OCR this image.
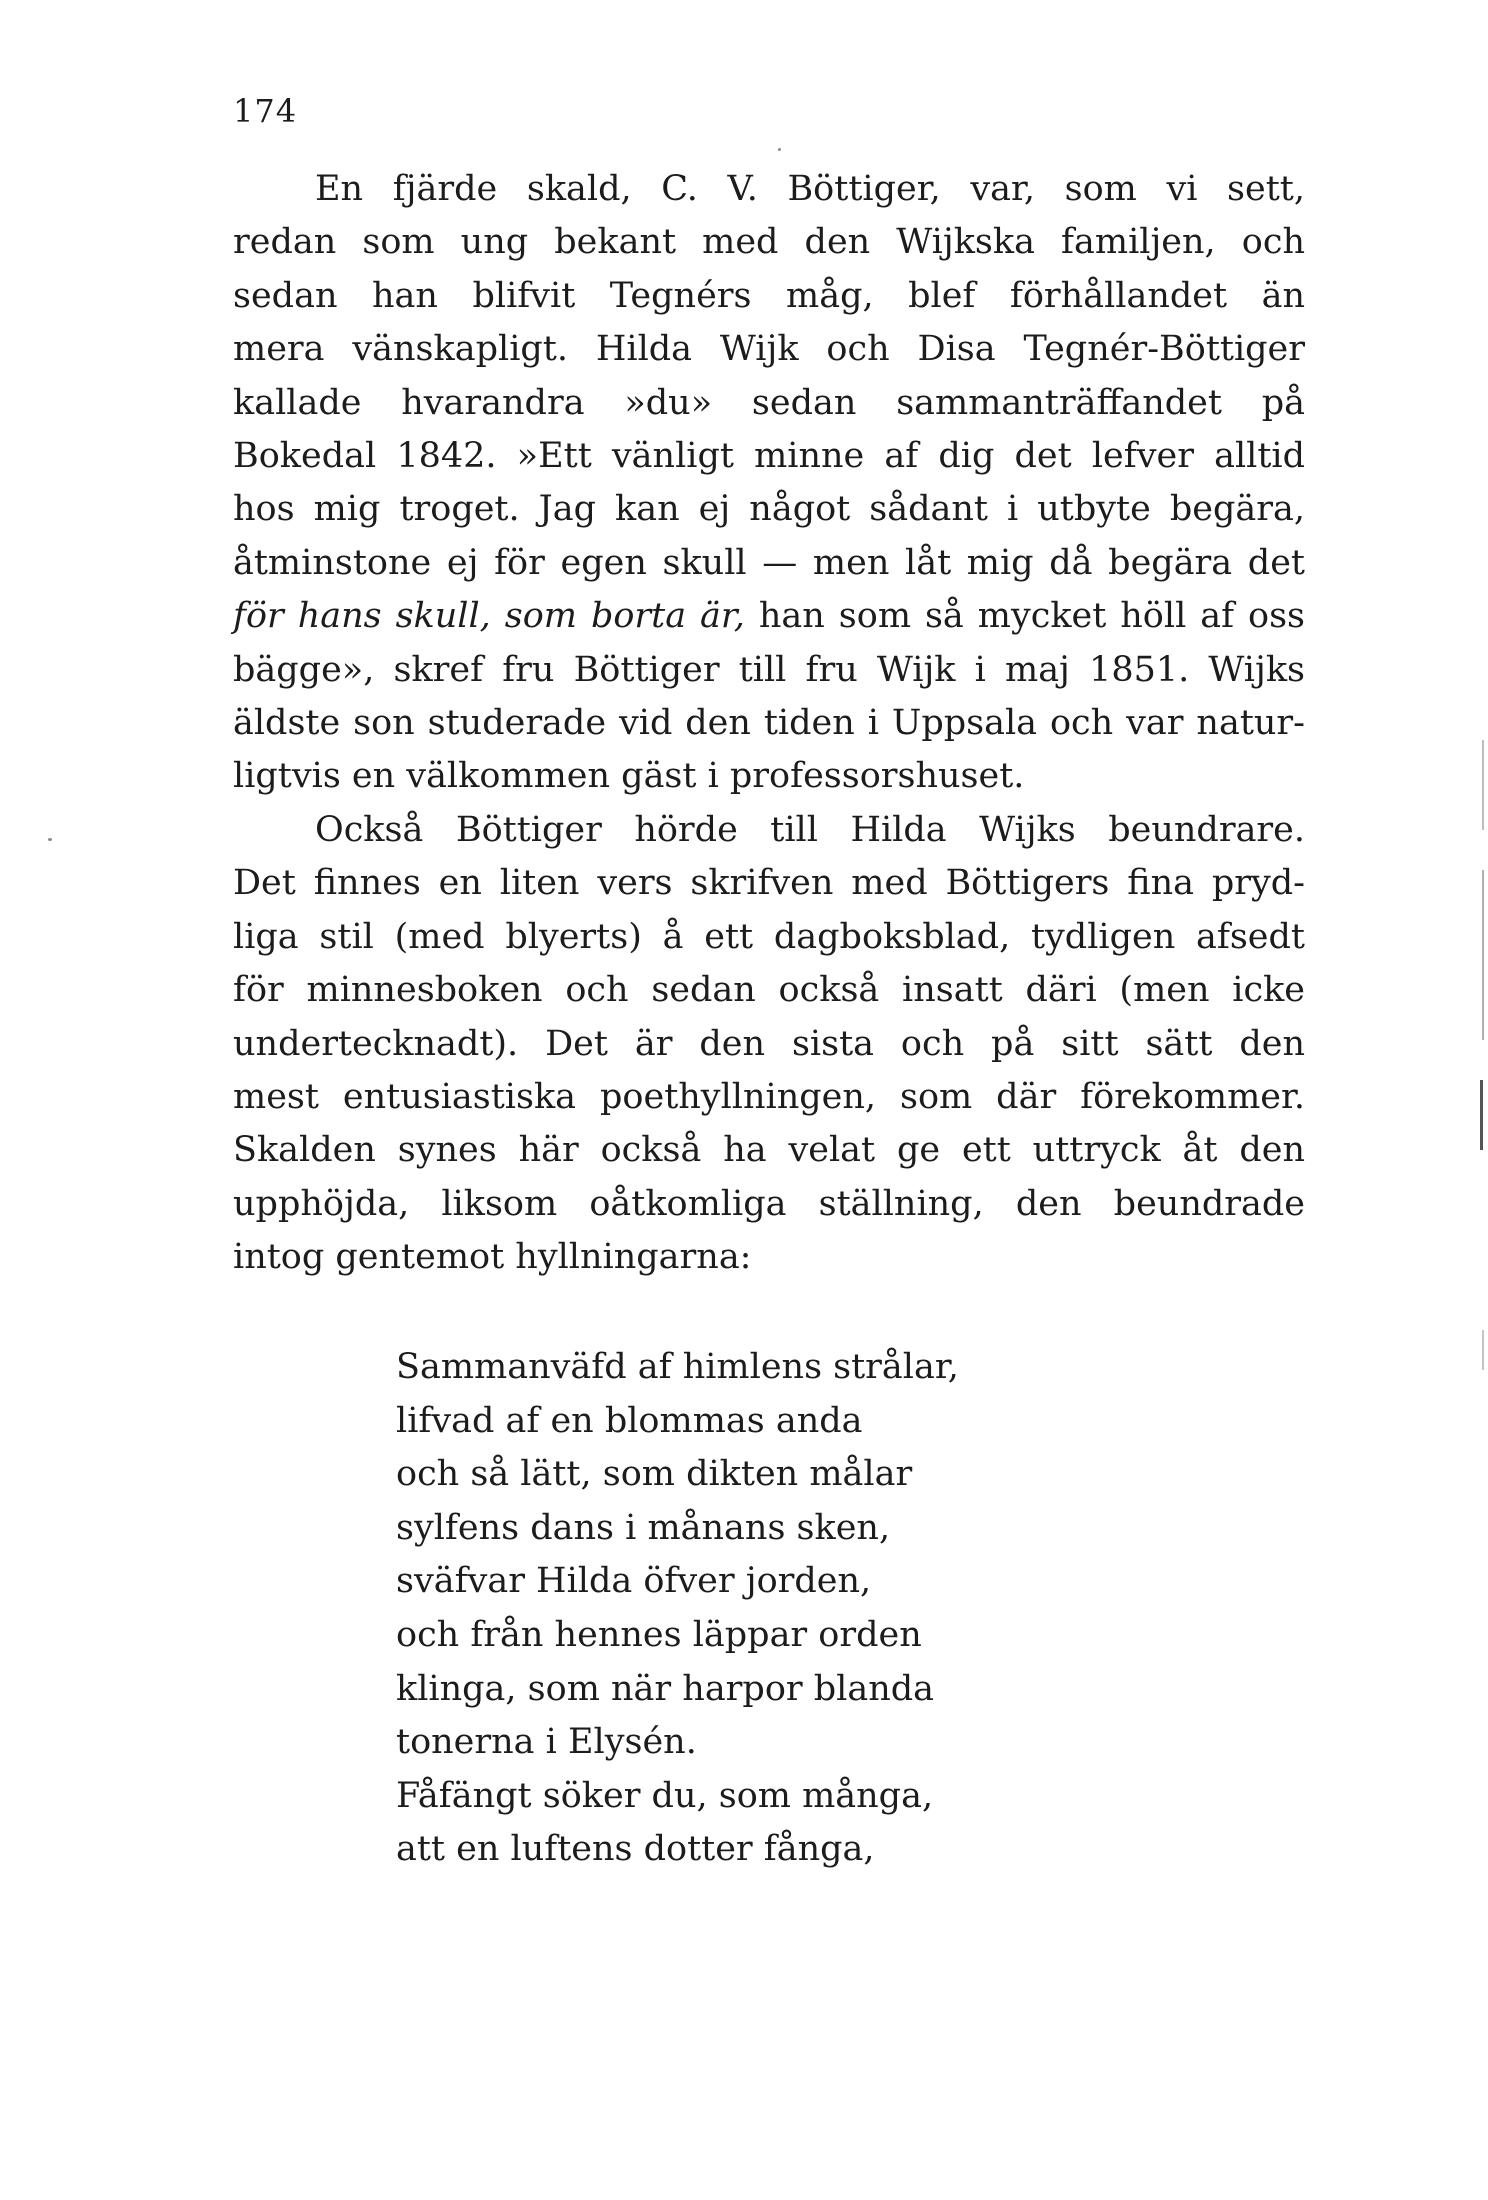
174
En fjärde skald, C. V. Böttiger, var, som vi sett,
redan som ung bekant med den Wijkska familjen, och
sedan han blifvit Tegnérs måg, blef förhållandet än
mera vänskapligt. Hilda Wijk och Disa Tegnér-Böttiger
kallade hvarandra »du» sedan sammanträffandet på
Bokedal 1842. »Ett vänligt minne af dig det lefver alltid
hos mig troget. Jag kan ej något sådant i utbyte begära,
åtminstone ej för egen skull — men låt mig då begära det
för hans skull, som borta är, han som så mycket höll af oss
bägge», skref fru Böttiger till fru Wijk i maj 1851. Wijks
äldste son studerade vid den tiden i Uppsala och var natur-
ligtvis en välkommen gäst i professorshuset.
Också Böttiger hörde till Hilda Wijks beundrare.
Det finnes en liten vers skrifven med Böttigers fina pryd-
liga stil (med blyerts) å ett dagboksblad, tydligen afsedt
för minnesboken och sedan också insatt däri (men icke
undertecknadt). Det är den sista och på sitt sätt den
mest entusiastiska poethyllningen, som där förekommer.
Skalden synes här också ha velat ge ett uttryck åt den
upphöjda, liksom oåtkomliga ställning, den beundrade
intog gentemot hyllningarna:
Sammanväfd af himlens strålar,
lifvad af en blommas anda
och så lätt, som dikten målar
sylfens dans i månans sken,
sväfvar Hilda öfver jorden,
och från hennes läppar orden
klinga, som när harpor blanda
tonerna i Elysén.
Fåfängt söker du, som många,
att en luftens dotter fånga,
